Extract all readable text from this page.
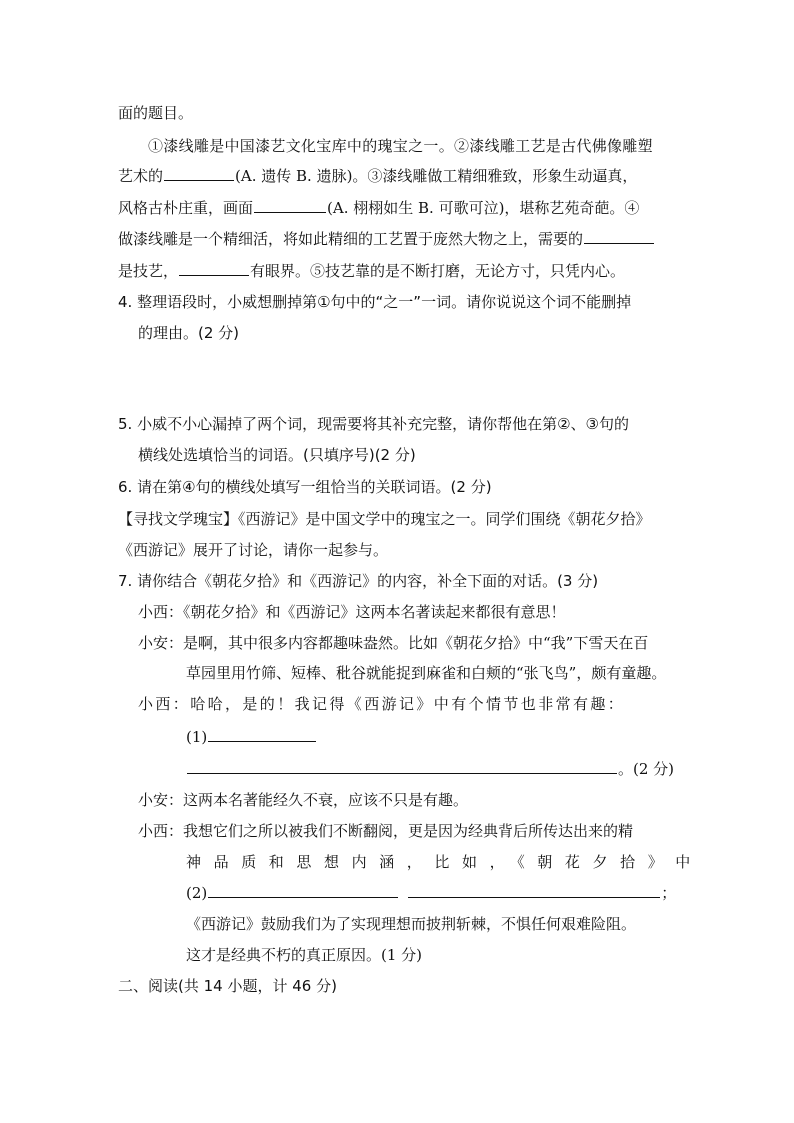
面的题目。
①漆线雕是中国漆艺文化宝库中的瑰宝之一。②漆线雕工艺是古代佛像雕塑
艺术的	(A. 遗传 B. 遗脉)。③漆线雕做工精细雅致，形象生动逼真，
风格古朴庄重，画面	(A. 栩栩如生 B. 可歌可泣)，堪称艺苑奇葩。④
做漆线雕是一个精细活，将如此精细的工艺置于庞然大物之上，需要的
是技艺，	有眼界。⑤技艺靠的是不断打磨，无论方寸，只凭内心。
4. 整理语段时，小威想删掉第①句中的“之一”一词。请你说说这个词不能删掉
的理由。(2 分)
5. 小威不小心漏掉了两个词，现需要将其补充完整，请你帮他在第②、③句的
横线处选填恰当的词语。(只填序号)(2 分)
6. 请在第④句的横线处填写一组恰当的关联词语。(2 分)
【寻找文学瑰宝】《西游记》是中国文学中的瑰宝之一。同学们围绕《朝花夕拾》
《西游记》展开了讨论，请你一起参与。
7. 请你结合《朝花夕拾》和《西游记》的内容，补全下面的对话。(3 分)
小西：《朝花夕拾》和《西游记》这两本名著读起来都很有意思！
小安：是啊，其中很多内容都趣味盎然。比如《朝花夕拾》中“我”下雪天在百
草园里用竹筛、短棒、秕谷就能捉到麻雀和白颊的“张飞鸟”，颇有童趣。
小西：哈哈，是的！我记得《西游记》中有个情节也非常有趣：
(1)
。(2 分)
小安：这两本名著能经久不衰，应该不只是有趣。
小西：我想它们之所以被我们不断翻阅，更是因为经典背后所传达出来的精
神品质和思想内涵，比如，《朝花夕拾》中
(2)	；
《西游记》鼓励我们为了实现理想而披荆斩棘，不惧任何艰难险阻。
这才是经典不朽的真正原因。(1 分)
二、阅读(共 14 小题，计 46 分)
